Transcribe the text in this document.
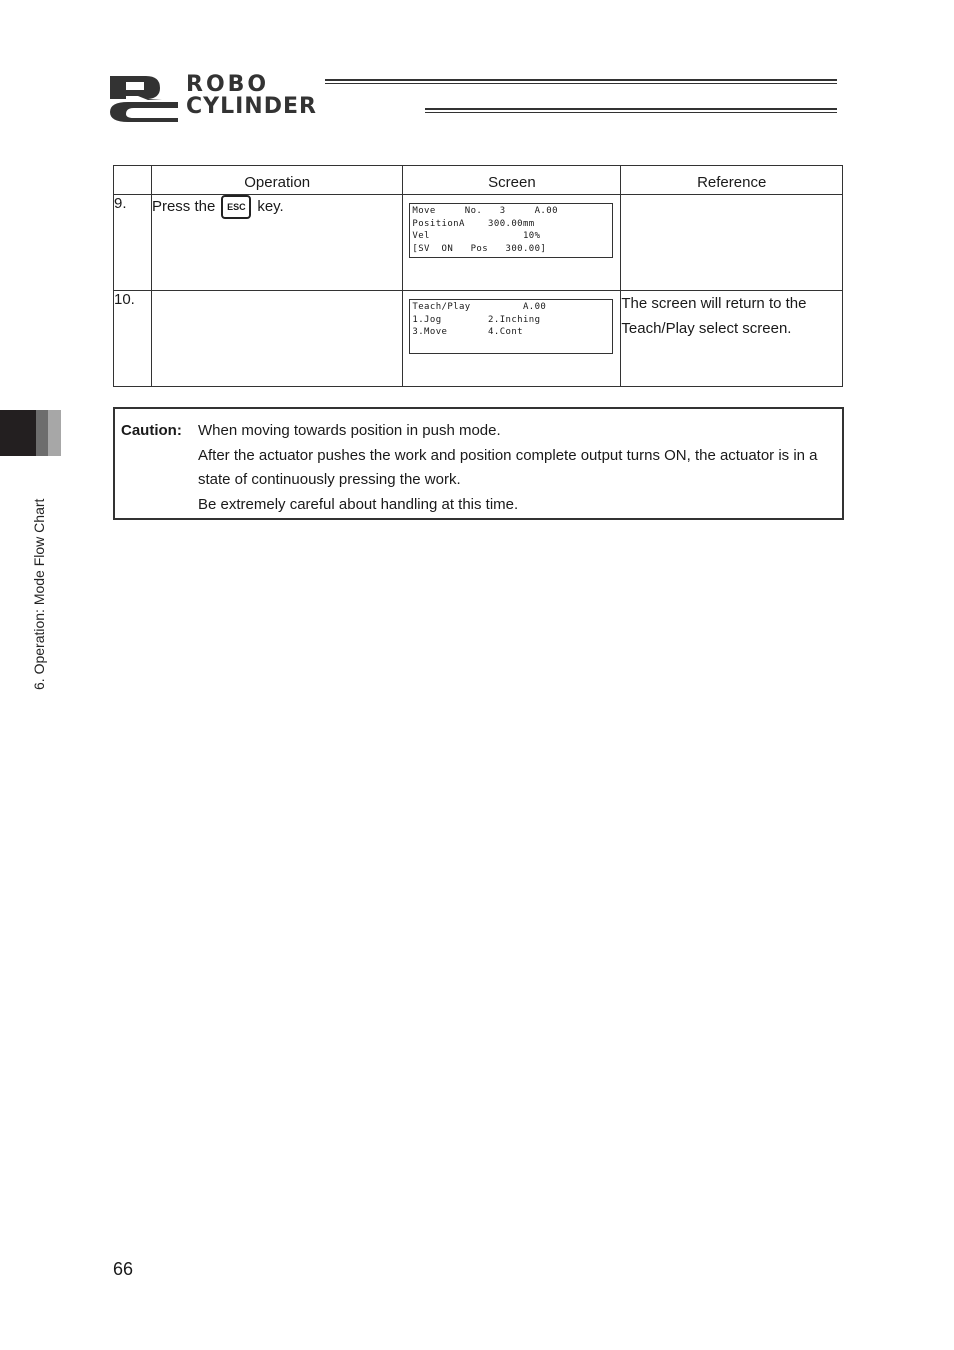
ROBO
CYLINDER
	Operation	Screen	Reference
9.	Press the ESC key.	Move     No.   3     A.00
PositionA    300.00mm
Vel                10%
[SV  ON   Pos   300.00]	

10.		Teach/Play         A.00
1.Jog        2.Inching
3.Move       4.Cont	The screen will return to the Teach/Play select screen.
Caution: When moving towards position in push mode.
After the actuator pushes the work and position complete output turns ON, the actuator is in a state of continuously pressing the work.
Be extremely careful about handling at this time.
6. Operation: Mode Flow Chart
66
